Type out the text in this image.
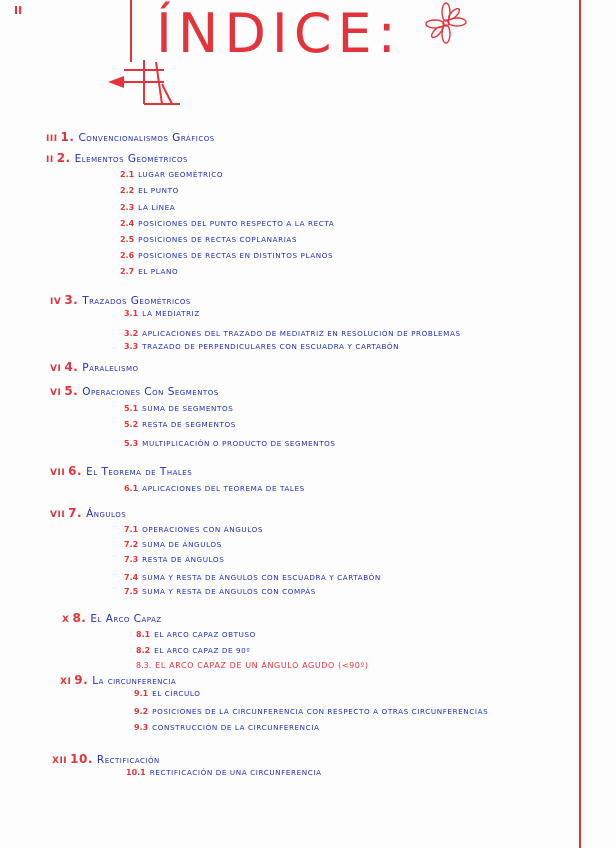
II ÍNDICE:
III 1. Convencionalismos Gráficos
II 2. Elementos Geométricos
2.1 LUGAR GEOMÉTRICO
2.2 EL PUNTO
2.3 LA LÍNEA
2.4 POSICIONES DEL PUNTO RESPECTO A LA RECTA
2.5 POSICIONES DE RECTAS COPLANARIAS
2.6 POSICIONES DE RECTAS EN DISTINTOS PLANOS
2.7 EL PLANO
IV 3. Trazados Geométricos
3.1 LA MEDIATRIZ
3.2 APLICACIONES DEL TRAZADO DE MEDIATRIZ EN RESOLUCIÓN DE PROBLEMAS
3.3 TRAZADO DE PERPENDICULARES CON ESCUADRA Y CARTABÓN
VI 4. Paralelismo
VI 5. Operaciones Con Segmentos
5.1 SUMA DE SEGMENTOS
5.2 RESTA DE SEGMENTOS
5.3 MULTIPLICACIÓN O PRODUCTO DE SEGMENTOS
VII 6. El Teorema de Thales
6.1 APLICACIONES DEL TEOREMA DE TALES
VII 7. Ángulos
7.1 OPERACIONES CON ÁNGULOS
7.2 SUMA DE ÁNGULOS
7.3 RESTA DE ÁNGULOS
7.4 SUMA Y RESTA DE ÁNGULOS CON ESCUADRA Y CARTABÓN
7.5 SUMA Y RESTA DE ÁNGULOS CON COMPÁS
X 8. El Arco Capaz
8.1 EL ARCO CAPAZ OBTUSO
8.2 EL ARCO CAPAZ DE 90º
8.3. EL ARCO CAPAZ DE UN ÁNGULO AGUDO (<90º)
XI 9. La circunferencia
9.1 EL CÍRCULO
9.2 POSICIONES DE LA CIRCUNFERENCIA CON RESPECTO A OTRAS CIRCUNFERENCIAS
9.3 CONSTRUCCIÓN DE LA CIRCUNFERENCIA
XII 10. Rectificación
10.1 RECTIFICACIÓN DE UNA CIRCUNFERENCIA
